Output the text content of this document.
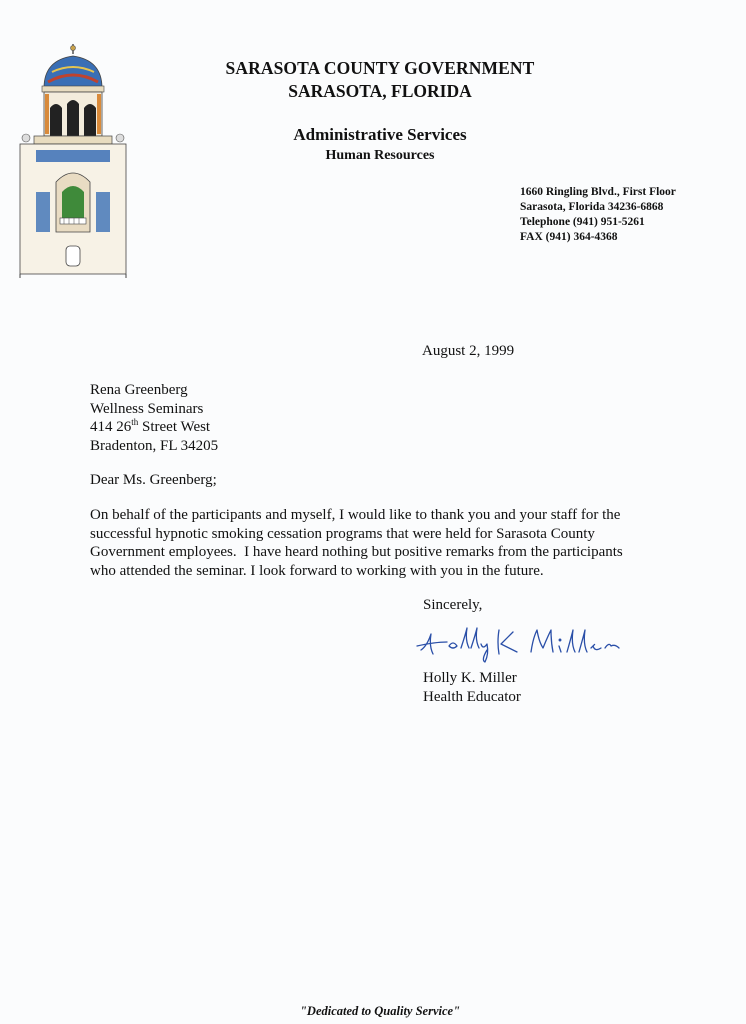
SARASOTA COUNTY GOVERNMENT
SARASOTA, FLORIDA
Administrative Services
Human Resources
1660 Ringling Blvd., First Floor
Sarasota, Florida 34236-6868
Telephone (941) 951-5261
FAX (941) 364-4368
August 2, 1999
Rena Greenberg
Wellness Seminars
414 26th Street West
Bradenton, FL 34205
Dear Ms. Greenberg;
On behalf of the participants and myself, I would like to thank you and your staff for the
successful hypnotic smoking cessation programs that were held for Sarasota County
Government employees.  I have heard nothing but positive remarks from the participants
who attended the seminar. I look forward to working with you in the future.
Sincerely,
Holly K. Miller
Health Educator
"Dedicated to Quality Service"
